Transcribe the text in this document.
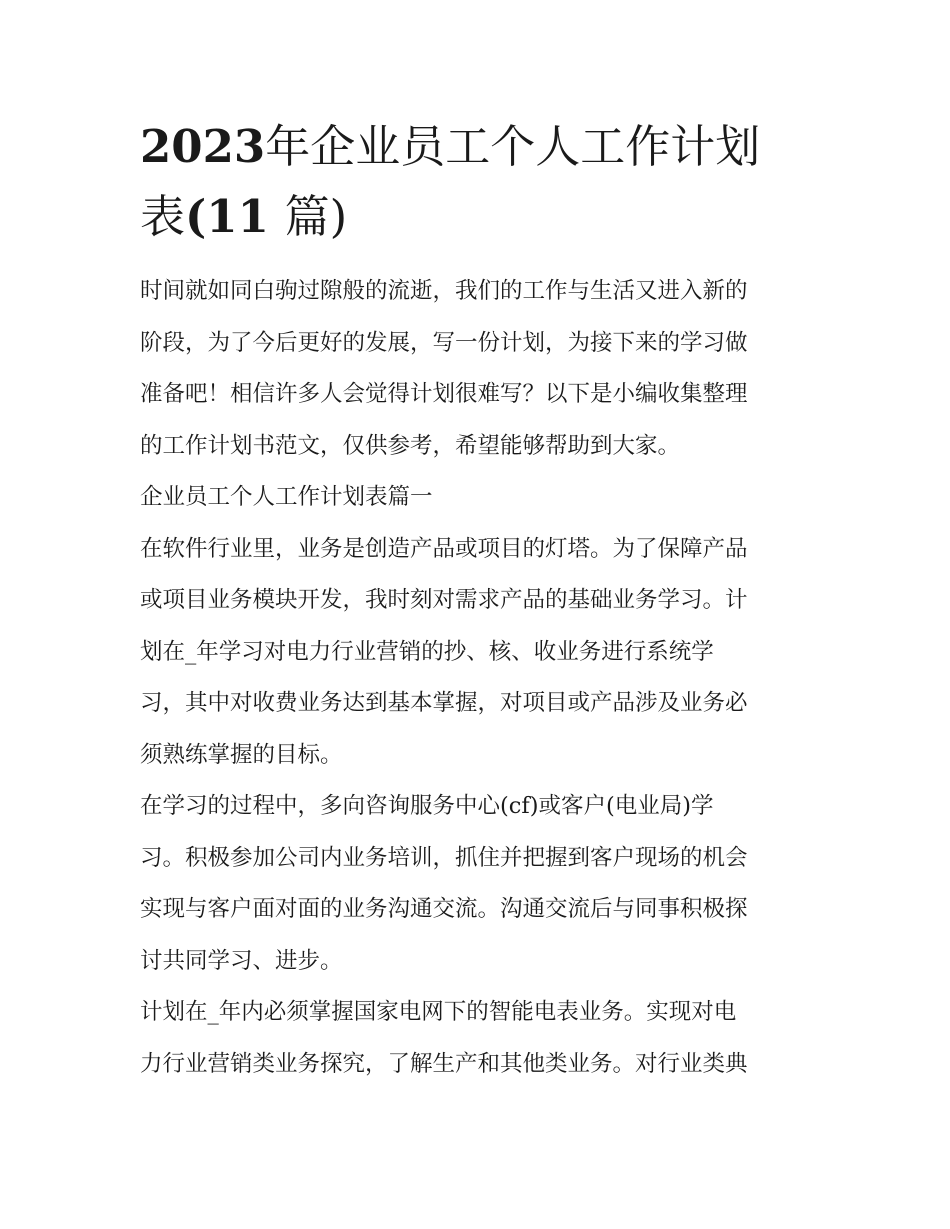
2023年企业员工个人工作计划
表(11 篇)

时间就如同白驹过隙般的流逝，我们的工作与生活又进入新的

阶段，为了今后更好的发展，写一份计划，为接下来的学习做

准备吧！相信许多人会觉得计划很难写？以下是小编收集整理

的工作计划书范文，仅供参考，希望能够帮助到大家。

企业员工个人工作计划表篇一

在软件行业里，业务是创造产品或项目的灯塔。为了保障产品

或项目业务模块开发，我时刻对需求产品的基础业务学习。计

划在_年学习对电力行业营销的抄、核、收业务进行系统学

习，其中对收费业务达到基本掌握，对项目或产品涉及业务必

须熟练掌握的目标。

在学习的过程中，多向咨询服务中心(cf)或客户(电业局)学

习。积极参加公司内业务培训，抓住并把握到客户现场的机会

实现与客户面对面的业务沟通交流。沟通交流后与同事积极探

讨共同学习、进步。

计划在_年内必须掌握国家电网下的智能电表业务。实现对电

力行业营销类业务探究，了解生产和其他类业务。对行业类典
